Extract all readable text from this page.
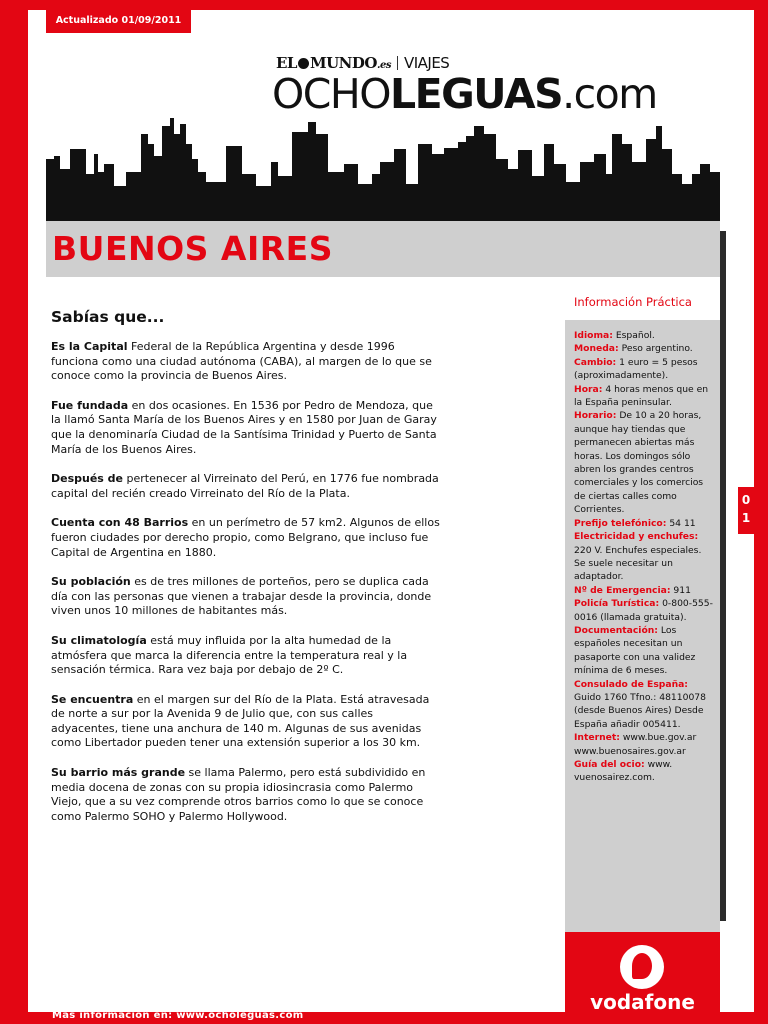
Actualizado 01/09/2011
EL MUNDO.es VIAJES
OCHOLEGUAS.com
BUENOS AIRES
Sabías que...

Es la Capital Federal de la República Argentina y desde 1996 funciona como una ciudad autónoma (CABA), al margen de lo que se conoce como la provincia de Buenos Aires.

Fue fundada en dos ocasiones. En 1536 por Pedro de Mendoza, que la llamó Santa María de los Buenos Aires y en 1580 por Juan de Garay que la denominaría Ciudad de la Santísima Trinidad y Puerto de Santa María de los Buenos Aires.

Después de pertenecer al Virreinato del Perú, en 1776 fue nombrada capital del recién creado Virreinato del Río de la Plata.

Cuenta con 48 Barrios en un perímetro de 57 km2. Algunos de ellos fueron ciudades por derecho propio, como Belgrano, que incluso fue Capital de Argentina en 1880.

Su población es de tres millones de porteños, pero se duplica cada día con las personas que vienen a trabajar desde la provincia, donde viven unos 10 millones de habitantes más.

Su climatología está muy influida por la alta humedad de la atmósfera que marca la diferencia entre la temperatura real y la sensación térmica. Rara vez baja por debajo de 2º C.

Se encuentra en el margen sur del Río de la Plata. Está atravesada de norte a sur por la Avenida 9 de Julio que, con sus calles adyacentes, tiene una anchura de 140 m. Algunas de sus avenidas como Libertador pueden tener una extensión superior a los 30 km.

Su barrio más grande se llama Palermo, pero está subdividido en media docena de zonas con su propia idiosincrasia como Palermo Viejo, que a su vez comprende otros barrios como lo que se conoce como Palermo SOHO y Palermo Hollywood.

Información Práctica
Idioma: Español.
Moneda: Peso argentino.
Cambio: 1 euro = 5 pesos (aproximadamente).
Hora: 4 horas menos que en la España peninsular.
Horario: De 10 a 20 horas, aunque hay tiendas que permanecen abiertas más horas. Los domingos sólo abren los grandes centros comerciales y los comercios de ciertas calles como Corrientes.
Prefijo telefónico: 54 11
Electricidad y enchufes: 220 V. Enchufes especiales. Se suele necesitar un adaptador.
Nº de Emergencia: 911
Policía Turística: 0-800-555-0016 (llamada gratuita).
Documentación: Los españoles necesitan un pasaporte con una validez mínima de 6 meses.
Consulado de España: Guido 1760 Tfno.: 48110078 (desde Buenos Aires) Desde España añadir 005411.
Internet: www.bue.gov.ar www.buenosaires.gov.ar
Guía del ocio: www. vuenosairez.com.
vodafone
0
1
Más información en: www.ocholeguas.com
